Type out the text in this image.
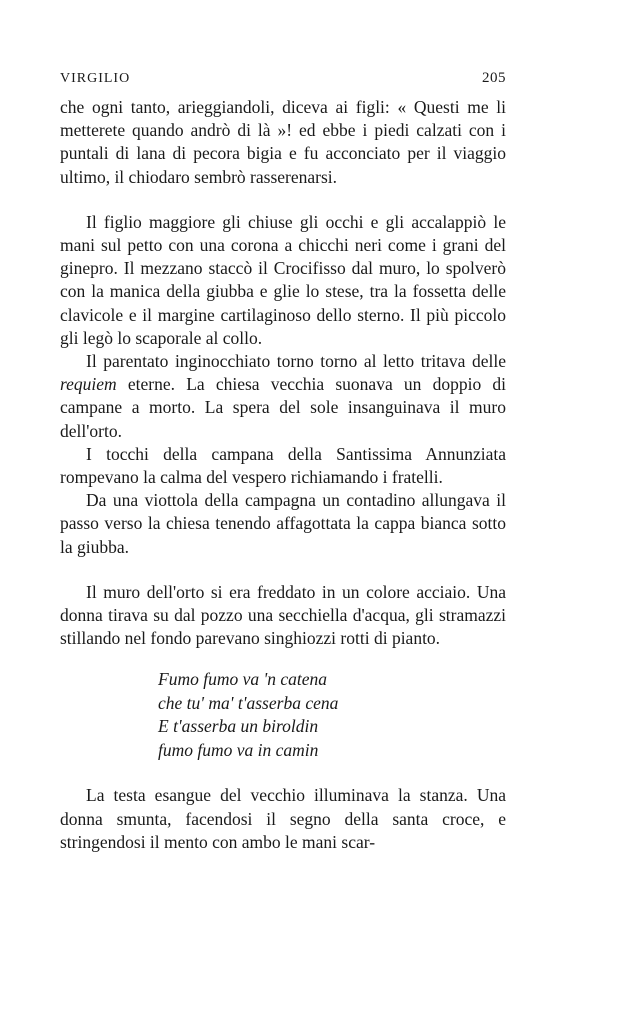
VIRGILIO	205

che ogni tanto, arieggiandoli, diceva ai figli: « Questi me li metterete quando andrò di là »! ed ebbe i piedi calzati con i puntali di lana di pecora bigia e fu acconciato per il viaggio ultimo, il chiodaro sembrò rasserenarsi.

Il figlio maggiore gli chiuse gli occhi e gli accalappiò le mani sul petto con una corona a chicchi neri come i grani del ginepro. Il mezzano staccò il Crocifisso dal muro, lo spolverò con la manica della giubba e glie lo stese, tra la fossetta delle clavicole e il margine cartilaginoso dello sterno. Il più piccolo gli legò lo scaporale al collo.

Il parentato inginocchiato torno torno al letto tritava delle requiem eterne. La chiesa vecchia suonava un doppio di campane a morto. La spera del sole insanguinava il muro dell'orto.

I tocchi della campana della Santissima Annunziata rompevano la calma del vespero richiamando i fratelli.

Da una viottola della campagna un contadino allungava il passo verso la chiesa tenendo affagottata la cappa bianca sotto la giubba.

Il muro dell'orto si era freddato in un colore acciaio. Una donna tirava su dal pozzo una secchiella d'acqua, gli stramazzi stillando nel fondo parevano singhiozzi rotti di pianto.

Fumo fumo va 'n catena
che tu' ma' t'asserba cena
E t'asserba un biroldin
fumo fumo va in camin

La testa esangue del vecchio illuminava la stanza. Una donna smunta, facendosi il segno della santa croce, e stringendosi il mento con ambo le mani scar-
